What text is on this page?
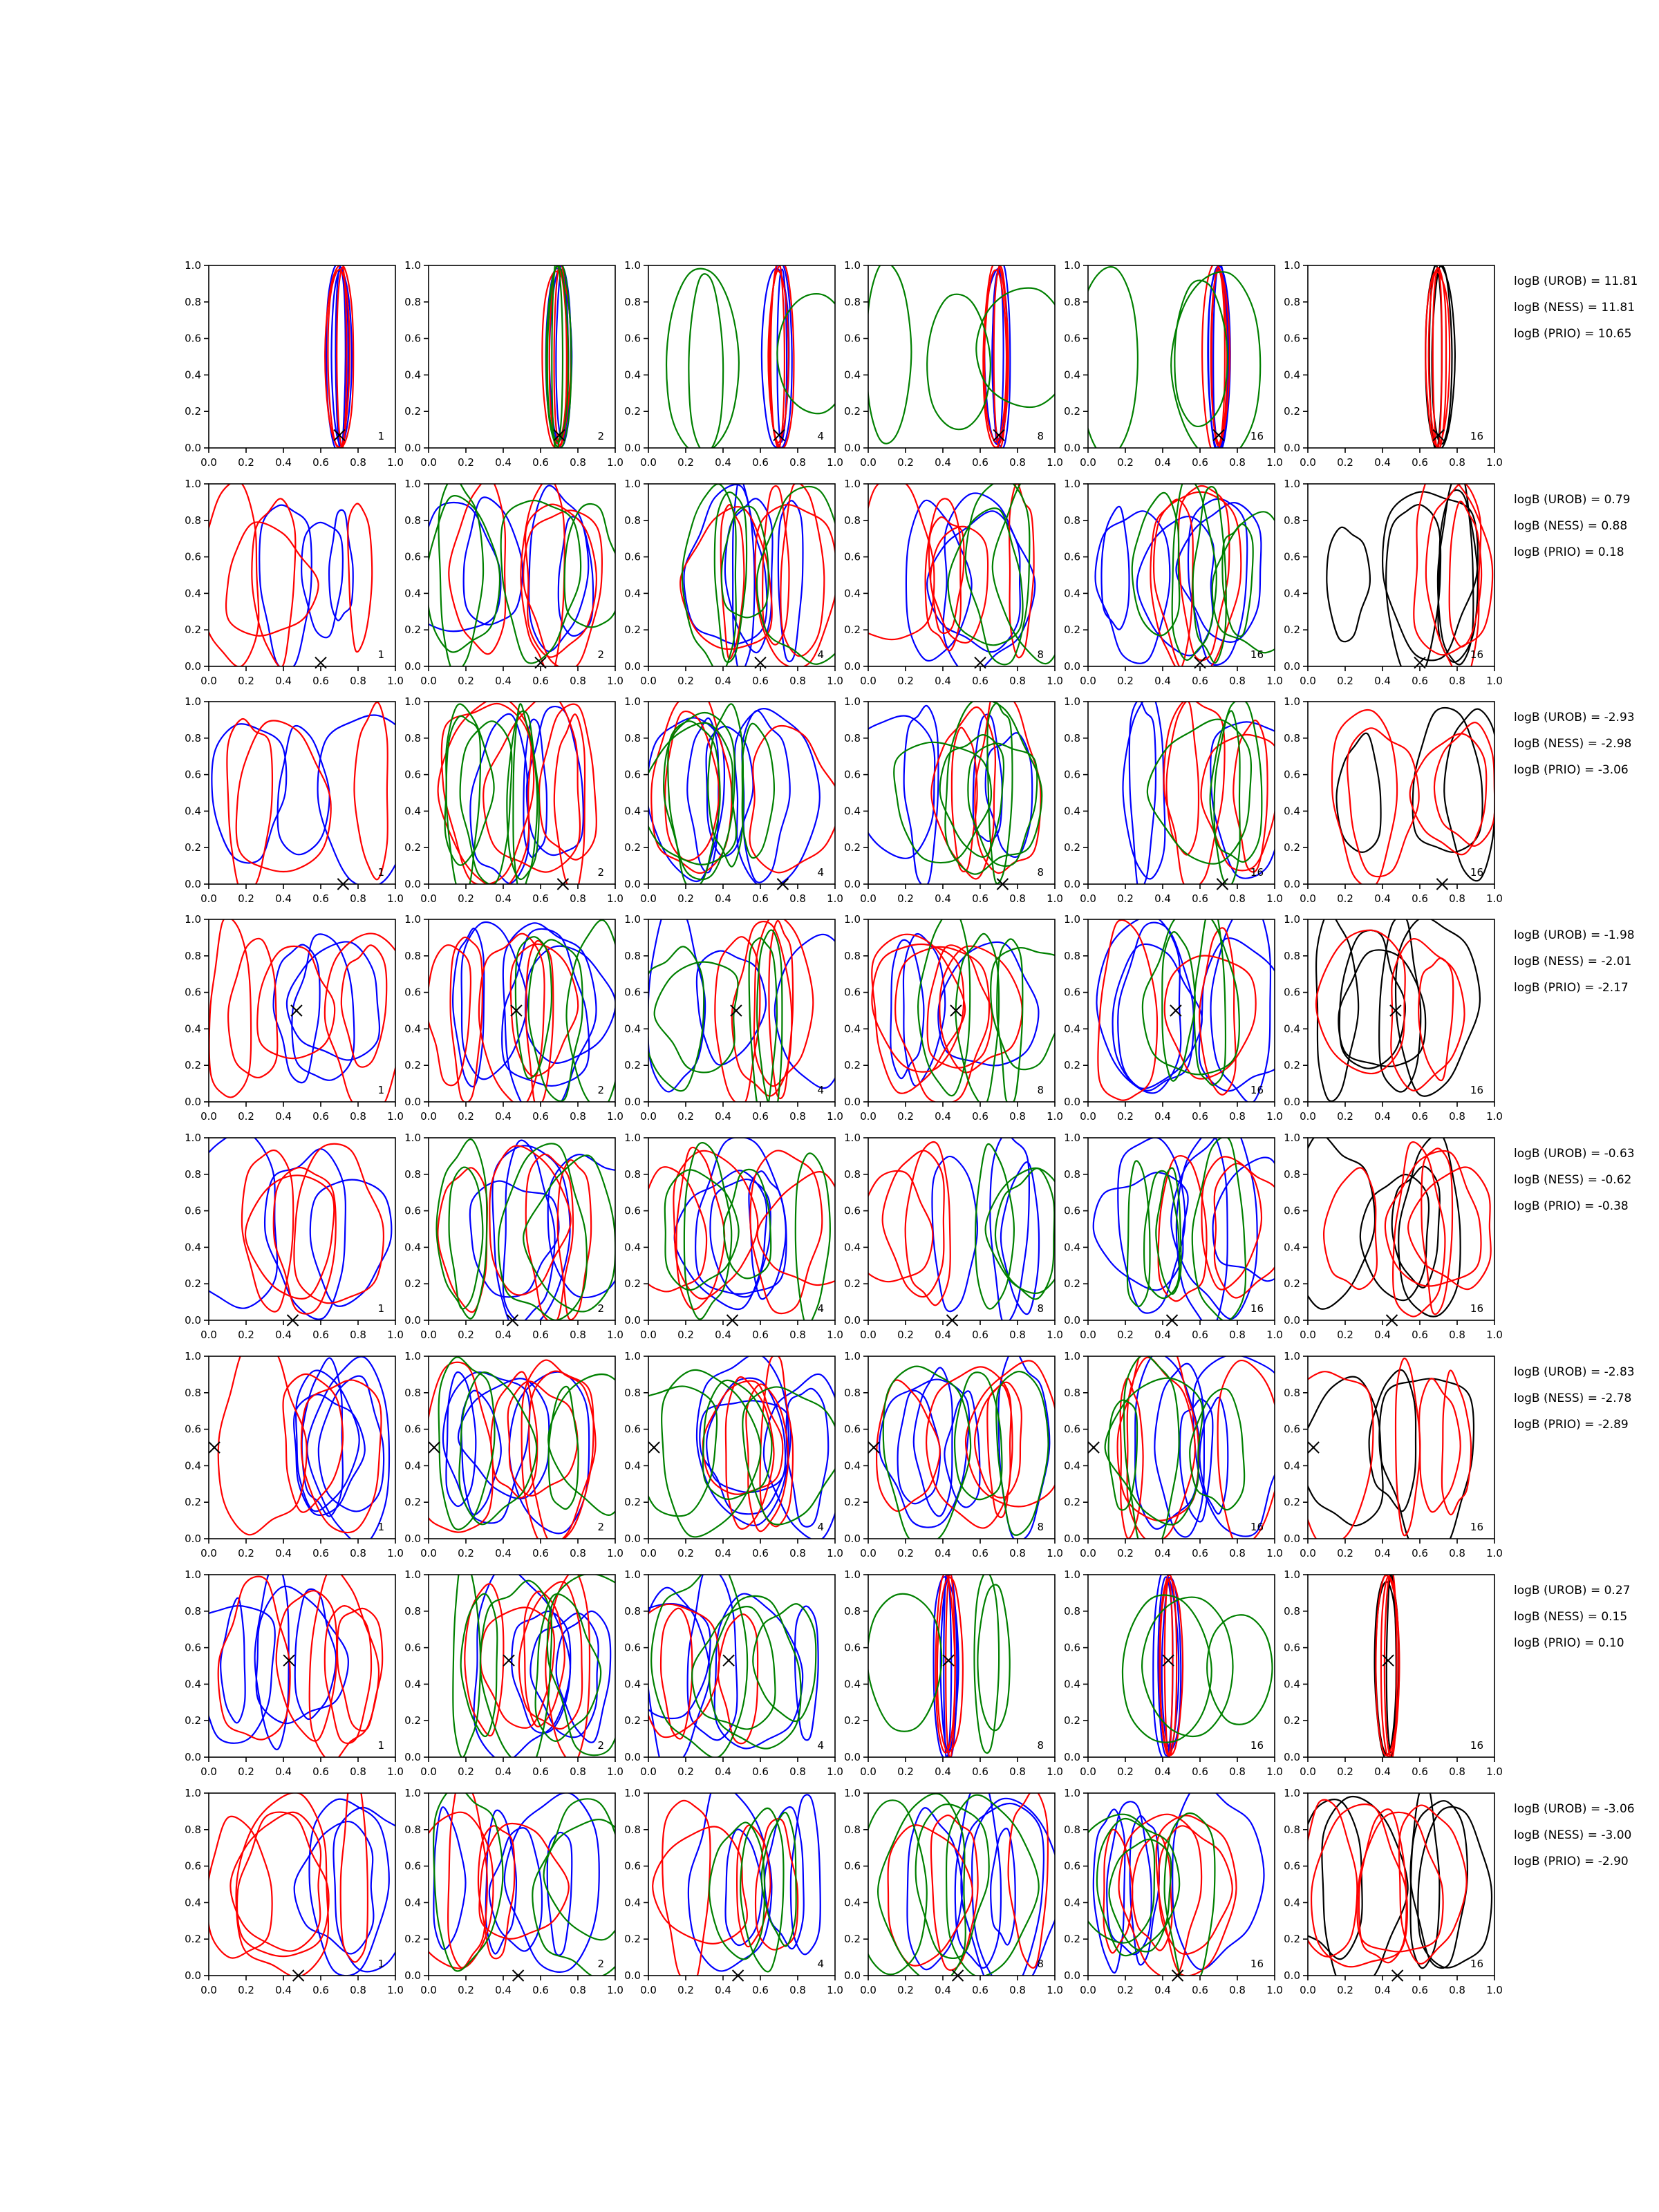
0.0 0.2 0.4 0.6 0.8 1.0
0.0
0.2
0.4
0.6
0.8
1.0
1
0.0 0.2 0.4 0.6 0.8 1.0
0.0
0.2
0.4
0.6
0.8
1.0
2
0.0 0.2 0.4 0.6 0.8 1.0
0.0
0.2
0.4
0.6
0.8
1.0
4
0.0 0.2 0.4 0.6 0.8 1.0
0.0
0.2
0.4
0.6
0.8
1.0
8
0.0 0.2 0.4 0.6 0.8 1.0
0.0
0.2
0.4
0.6
0.8
1.0
16
0.0 0.2 0.4 0.6 0.8 1.0
0.0
0.2
0.4
0.6
0.8
1.0
16
logB (UROB) = 11.81
logB (NESS) = 11.81
logB (PRIO) = 10.65
0.0 0.2 0.4 0.6 0.8 1.0
0.0
0.2
0.4
0.6
0.8
1.0
1
0.0 0.2 0.4 0.6 0.8 1.0
0.0
0.2
0.4
0.6
0.8
1.0
2
0.0 0.2 0.4 0.6 0.8 1.0
0.0
0.2
0.4
0.6
0.8
1.0
4
0.0 0.2 0.4 0.6 0.8 1.0
0.0
0.2
0.4
0.6
0.8
1.0
8
0.0 0.2 0.4 0.6 0.8 1.0
0.0
0.2
0.4
0.6
0.8
1.0
16
0.0 0.2 0.4 0.6 0.8 1.0
0.0
0.2
0.4
0.6
0.8
1.0
16
logB (UROB) = 0.79
logB (NESS) = 0.88
logB (PRIO) = 0.18
0.0 0.2 0.4 0.6 0.8 1.0
0.0
0.2
0.4
0.6
0.8
1.0
1
0.0 0.2 0.4 0.6 0.8 1.0
0.0
0.2
0.4
0.6
0.8
1.0
2
0.0 0.2 0.4 0.6 0.8 1.0
0.0
0.2
0.4
0.6
0.8
1.0
4
0.0 0.2 0.4 0.6 0.8 1.0
0.0
0.2
0.4
0.6
0.8
1.0
8
0.0 0.2 0.4 0.6 0.8 1.0
0.0
0.2
0.4
0.6
0.8
1.0
16
0.0 0.2 0.4 0.6 0.8 1.0
0.0
0.2
0.4
0.6
0.8
1.0
16
logB (UROB) = -2.93
logB (NESS) = -2.98
logB (PRIO) = -3.06
0.0 0.2 0.4 0.6 0.8 1.0
0.0
0.2
0.4
0.6
0.8
1.0
1
0.0 0.2 0.4 0.6 0.8 1.0
0.0
0.2
0.4
0.6
0.8
1.0
2
0.0 0.2 0.4 0.6 0.8 1.0
0.0
0.2
0.4
0.6
0.8
1.0
4
0.0 0.2 0.4 0.6 0.8 1.0
0.0
0.2
0.4
0.6
0.8
1.0
8
0.0 0.2 0.4 0.6 0.8 1.0
0.0
0.2
0.4
0.6
0.8
1.0
16
0.0 0.2 0.4 0.6 0.8 1.0
0.0
0.2
0.4
0.6
0.8
1.0
16
logB (UROB) = -1.98
logB (NESS) = -2.01
logB (PRIO) = -2.17
0.0 0.2 0.4 0.6 0.8 1.0
0.0
0.2
0.4
0.6
0.8
1.0
1
0.0 0.2 0.4 0.6 0.8 1.0
0.0
0.2
0.4
0.6
0.8
1.0
2
0.0 0.2 0.4 0.6 0.8 1.0
0.0
0.2
0.4
0.6
0.8
1.0
4
0.0 0.2 0.4 0.6 0.8 1.0
0.0
0.2
0.4
0.6
0.8
1.0
8
0.0 0.2 0.4 0.6 0.8 1.0
0.0
0.2
0.4
0.6
0.8
1.0
16
0.0 0.2 0.4 0.6 0.8 1.0
0.0
0.2
0.4
0.6
0.8
1.0
16
logB (UROB) = -0.63
logB (NESS) = -0.62
logB (PRIO) = -0.38
0.0 0.2 0.4 0.6 0.8 1.0
0.0
0.2
0.4
0.6
0.8
1.0
1
0.0 0.2 0.4 0.6 0.8 1.0
0.0
0.2
0.4
0.6
0.8
1.0
2
0.0 0.2 0.4 0.6 0.8 1.0
0.0
0.2
0.4
0.6
0.8
1.0
4
0.0 0.2 0.4 0.6 0.8 1.0
0.0
0.2
0.4
0.6
0.8
1.0
8
0.0 0.2 0.4 0.6 0.8 1.0
0.0
0.2
0.4
0.6
0.8
1.0
16
0.0 0.2 0.4 0.6 0.8 1.0
0.0
0.2
0.4
0.6
0.8
1.0
16
logB (UROB) = -2.83
logB (NESS) = -2.78
logB (PRIO) = -2.89
0.0 0.2 0.4 0.6 0.8 1.0
0.0
0.2
0.4
0.6
0.8
1.0
1
0.0 0.2 0.4 0.6 0.8 1.0
0.0
0.2
0.4
0.6
0.8
1.0
2
0.0 0.2 0.4 0.6 0.8 1.0
0.0
0.2
0.4
0.6
0.8
1.0
4
0.0 0.2 0.4 0.6 0.8 1.0
0.0
0.2
0.4
0.6
0.8
1.0
8
0.0 0.2 0.4 0.6 0.8 1.0
0.0
0.2
0.4
0.6
0.8
1.0
16
0.0 0.2 0.4 0.6 0.8 1.0
0.0
0.2
0.4
0.6
0.8
1.0
16
logB (UROB) = 0.27
logB (NESS) = 0.15
logB (PRIO) = 0.10
0.0 0.2 0.4 0.6 0.8 1.0
0.0
0.2
0.4
0.6
0.8
1.0
1
0.0 0.2 0.4 0.6 0.8 1.0
0.0
0.2
0.4
0.6
0.8
1.0
2
0.0 0.2 0.4 0.6 0.8 1.0
0.0
0.2
0.4
0.6
0.8
1.0
4
0.0 0.2 0.4 0.6 0.8 1.0
0.0
0.2
0.4
0.6
0.8
1.0
8
0.0 0.2 0.4 0.6 0.8 1.0
0.0
0.2
0.4
0.6
0.8
1.0
16
0.0 0.2 0.4 0.6 0.8 1.0
0.0
0.2
0.4
0.6
0.8
1.0
16
logB (UROB) = -3.06
logB (NESS) = -3.00
logB (PRIO) = -2.90
